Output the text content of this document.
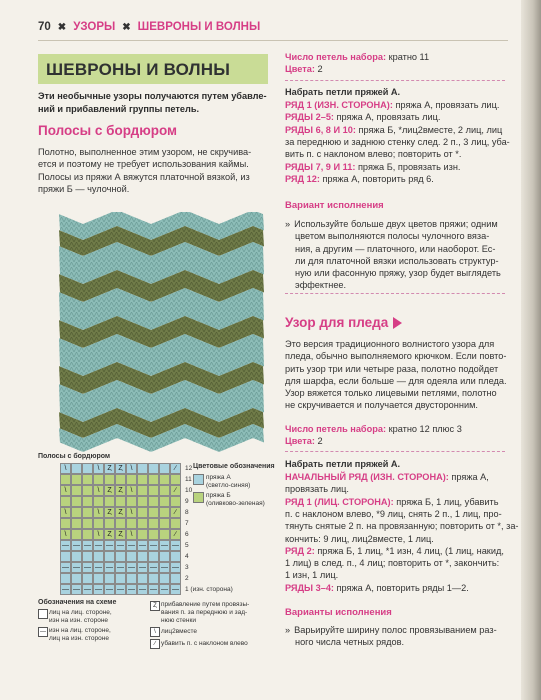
70 ✖ УЗОРЫ ✖ ШЕВРОНЫ И ВОЛНЫ
ШЕВРОНЫ И ВОЛНЫ
Эти необычные узоры получаются путем убавле-
ний и прибавлений группы петель.
Полосы с бордюром
Полотно, выполненное этим узором, не скручива-
ется и поэтому не требует использования каймы.
Полосы из пряжи А вяжутся платочной вязкой, из
пряжи Б — чулочной.
Полосы с бордюром
\	\	Ȥ Ȥ	\	∕
\	\	Ȥ Ȥ	\	∕
\	\	Ȥ Ȥ	\	∕
\	\	Ȥ Ȥ	\	∕
— — — — — — — — — — —
— — — — — — — — — — —
— — — — — — — — — — —
12
11
10
9
8
7
6
5
4
3
2
1 (изн. сторона)
Цветовые обозначения
пряжа А
(светло-синяя)
пряжа Б
(оливково-зеленая)
Обозначения на схеме
лиц на лиц. стороне,
изн на изн. стороне
— изн на лиц. стороне,
лиц на изн. стороне
Ȥ прибавление путем провязы-
вания п. за переднюю и зад-
нюю стенки
\ лиц2вместе
∕ убавить п. с наклоном влево
Число петель набора: кратно 11
Цвета: 2
Набрать петли пряжей А.
РЯД 1 (ИЗН. СТОРОНА): пряжа А, провязать лиц.
РЯДЫ 2–5: пряжа А, провязать лиц.
РЯДЫ 6, 8 И 10: пряжа Б, *лиц2вместе, 2 лиц, лиц
за переднюю и заднюю стенку след. 2 п., 3 лиц, уба-
вить п. с наклоном влево; повторить от *.
РЯДЫ 7, 9 И 11: пряжа Б, провязать изн.
РЯД 12: пряжа А, повторить ряд 6.
Вариант исполнения
» Используйте больше двух цветов пряжи; одним
цветом выполняются полосы чулочного вяза-
ния, а другим — платочного, или наоборот. Ес-
ли для платочной вязки использовать структур-
ную или фасонную пряжу, узор будет выглядеть
эффектнее.
Узор для пледа
Это версия традиционного волнистого узора для
пледа, обычно выполняемого крючком. Если повто-
рить узор три или четыре раза, полотно подойдет
для шарфа, если больше — для одеяла или пледа.
Узор вяжется только лицевыми петлями, полотно
не скручивается и получается двусторонним.
Число петель набора: кратно 12 плюс 3
Цвета: 2
Набрать петли пряжей А.
НАЧАЛЬНЫЙ РЯД (ИЗН. СТОРОНА): пряжа А,
провязать лиц.
РЯД 1 (ЛИЦ. СТОРОНА): пряжа Б, 1 лиц, убавить
п. с наклоном влево, *9 лиц, снять 2 п., 1 лиц, про-
тянуть снятые 2 п. на провязанную; повторить от *, за-
кончить: 9 лиц, лиц2вместе, 1 лиц.
РЯД 2: пряжа Б, 1 лиц, *1 изн, 4 лиц, (1 лиц, накид,
1 лиц) в след. п., 4 лиц; повторить от *, закончить:
1 изн, 1 лиц.
РЯДЫ 3–4: пряжа А, повторить ряды 1—2.
Варианты исполнения
» Варьируйте ширину полос провязыванием раз-
ного числа четных рядов.
